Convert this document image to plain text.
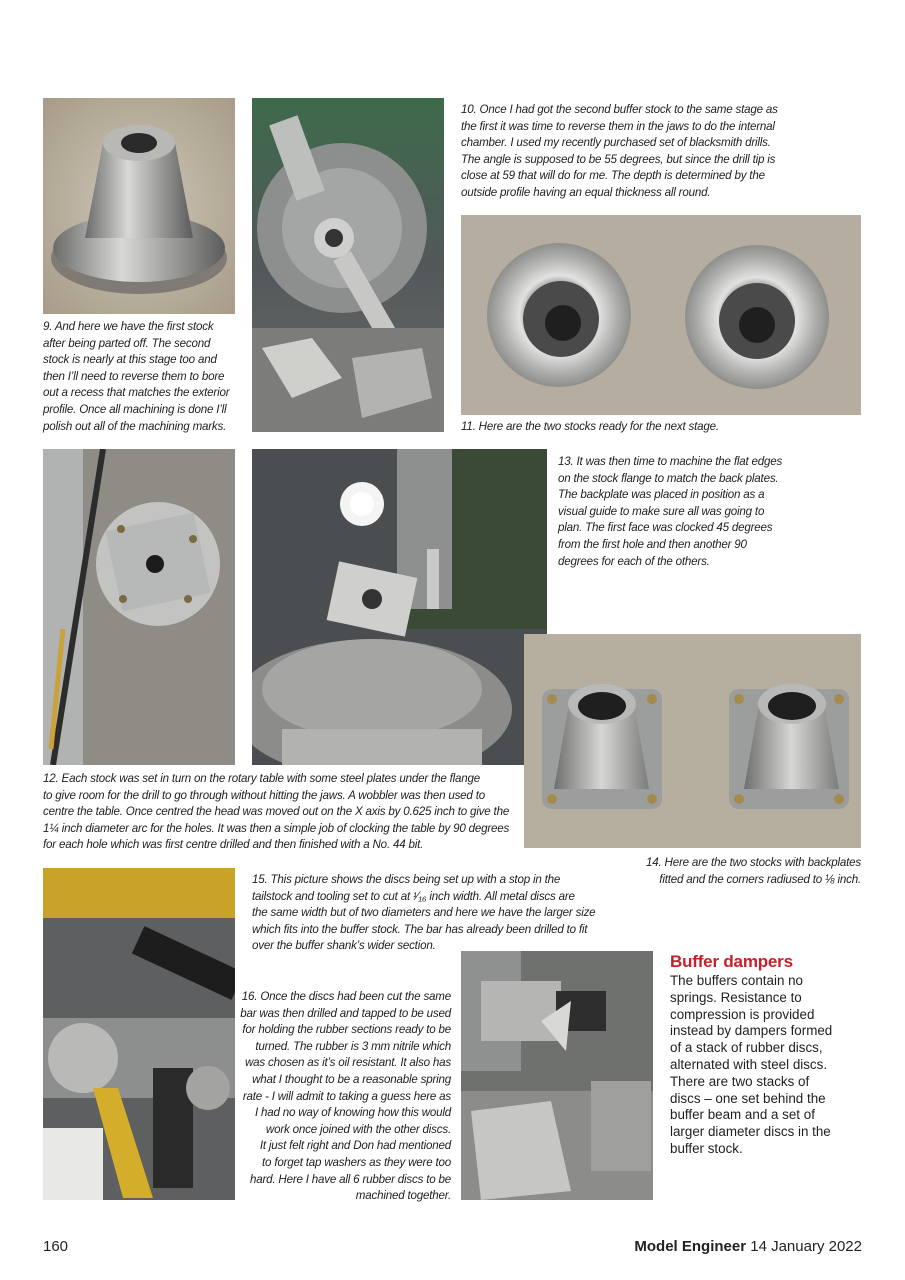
9. And here we have the first stock
after being parted off. The second
stock is nearly at this stage too and
then I’ll need to reverse them to bore
out a recess that matches the exterior
profile. Once all machining is done I’ll
polish out all of the machining marks.
10. Once I had got the second buffer stock to the same stage as
the first it was time to reverse them in the jaws to do the internal
chamber. I used my recently purchased set of blacksmith drills.
The angle is supposed to be 55 degrees, but since the drill tip is
close at 59 that will do for me. The depth is determined by the
outside profile having an equal thickness all round.
11. Here are the two stocks ready for the next stage.
13. It was then time to machine the flat edges
on the stock flange to match the back plates.
The backplate was placed in position as a
visual guide to make sure all was going to
plan. The first face was clocked 45 degrees
from the first hole and then another 90
degrees for each of the others.
12. Each stock was set in turn on the rotary table with some steel plates under the flange
to give room for the drill to go through without hitting the jaws. A wobbler was then used to
centre the table. Once centred the head was moved out on the X axis by 0.625 inch to give the
1¼ inch diameter arc for the holes. It was then a simple job of clocking the table by 90 degrees
for each hole which was first centre drilled and then finished with a No. 44 bit.
14. Here are the two stocks with backplates
fitted and the corners radiused to ⅛ inch.
15. This picture shows the discs being set up with a stop in the
tailstock and tooling set to cut at ¹⁄₁₆ inch width. All metal discs are
the same width but of two diameters and here we have the larger size
which fits into the buffer stock. The bar has already been drilled to fit
over the buffer shank’s wider section.
16. Once the discs had been cut the same
bar was then drilled and tapped to be used
for holding the rubber sections ready to be
turned. The rubber is 3 mm nitrile which
was chosen as it’s oil resistant. It also has
what I thought to be a reasonable spring
rate - I will admit to taking a guess here as
I had no way of knowing how this would
work once joined with the other discs.
It just felt right and Don had mentioned
to forget tap washers as they were too
hard. Here I have all 6 rubber discs to be
machined together.
Buffer dampers
The buffers contain no
springs. Resistance to
compression is provided
instead by dampers formed
of a stack of rubber discs,
alternated with steel discs.
There are two stacks of
discs – one set behind the
buffer beam and a set of
larger diameter discs in the
buffer stock.
160	Model Engineer 14 January 2022
